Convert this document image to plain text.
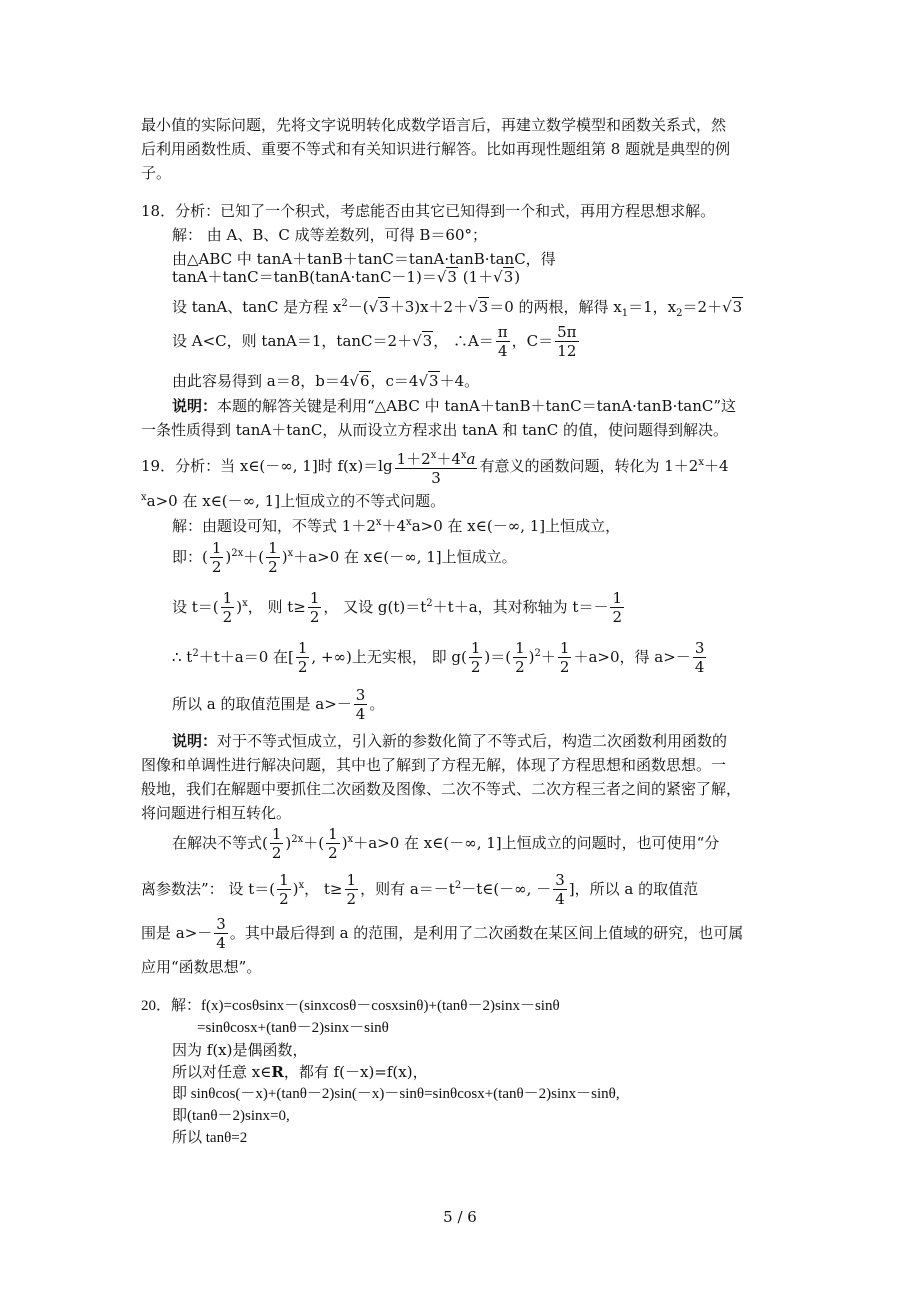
最小值的实际问题，先将文字说明转化成数学语言后，再建立数学模型和函数关系式，然
后利用函数性质、重要不等式和有关知识进行解答。比如再现性题组第 8 题就是典型的例
子。
18．分析：已知了一个积式，考虑能否由其它已知得到一个和式，再用方程思想求解。
解： 由 A、B、C 成等差数列，可得 B＝60°；
由△ABC 中 tanA＋tanB＋tanC＝tanA·tanB·tanC，得
tanA＋tanC＝tanB(tanA·tanC－1)＝√3 (1＋√3)
设 tanA、tanC 是方程 $x^2-(√3+3)x+2+√3=0$ 的两根，解得 $x_1=1$，$x_2=2+√3$
设 A<C，则 tanA＝1，tanC＝2＋√3， ∴A＝ $\frac{\pi}{4}$ ，$C= \frac{5\pi}{12}$
由此容易得到 a＝8，b＝4√6，c＝4√3＋4。
说明：本题的解答关键是利用“△ABC 中 tanA＋tanB＋tanC＝tanA·tanB·tanC”这
一条性质得到 tanA＋tanC，从而设立方程求出 tanA 和 tanC 的值，使问题得到解决。
19．分析：当 x∈(－∞, 1]时 $f(x)=\lg \frac{1+2^x+4^xa}{3}$ 有意义的函数问题，转化为 $1+2^x+4$
$^x$a>0 在 x∈(－∞, 1]上恒成立的不等式问题。
解：由题设可知，不等式 $1+2^x+4^xa>0$ 在 x∈(－∞, 1]上恒成立，
即：( $\frac{1}{2} )^{2x}+( \frac{1}{2} )^x+a>0$ 在 x∈(－∞, 1]上恒成立。
设 $t=( \frac{1}{2} )^x$， 则 $t\ge \frac{1}{2}$ ， 又设 $g(t)=t^2+t+a$，其对称轴为 $t=- \frac{1}{2}$
∴ $t^2+t+a=0$ 在[ $\frac{1}{2}$ , +∞)上无实根， 即 $g( \frac{1}{2}$ )＝( $\frac{1}{2} )^2+ \frac{1}{2} +a>0$，得 $a>- \frac{3}{4}$
所以 a 的取值范围是 $a>- \frac{3}{4}$ 。
说明：对于不等式恒成立，引入新的参数化简了不等式后，构造二次函数利用函数的
图像和单调性进行解决问题，其中也了解到了方程无解，体现了方程思想和函数思想。一
般地，我们在解题中要抓住二次函数及图像、二次不等式、二次方程三者之间的紧密了解，
将问题进行相互转化。
在解决不等式( $\frac{1}{2} )^{2x}+( \frac{1}{2} )^x+a>0$ 在 x∈(－∞, 1]上恒成立的问题时，也可使用“分
离参数法”： 设 $t=( \frac{1}{2} )^x$， $t\ge \frac{1}{2}$ ，则有 $a=-t^2-t\in(-\infty$, － $\frac{3}{4}$ ]，所以 a 的取值范
围是 $a>- \frac{3}{4}$ 。其中最后得到 a 的范围，是利用了二次函数在某区间上值域的研究，也可属
应用“函数思想”。
20．解：f(x)=cosθsinx－(sinxcosθ－cosxsinθ)+(tanθ－2)sinx－sinθ
=sinθcosx+(tanθ－2)sinx－sinθ
因为 f(x)是偶函数，
所以对任意 x∈R，都有 f(－x)=f(x)，
即 sinθcos(－x)+(tanθ－2)sin(－x)－sinθ=sinθcosx+(tanθ－2)sinx－sinθ,
即(tanθ－2)sinx=0,
所以 tanθ=2
5 / 6
